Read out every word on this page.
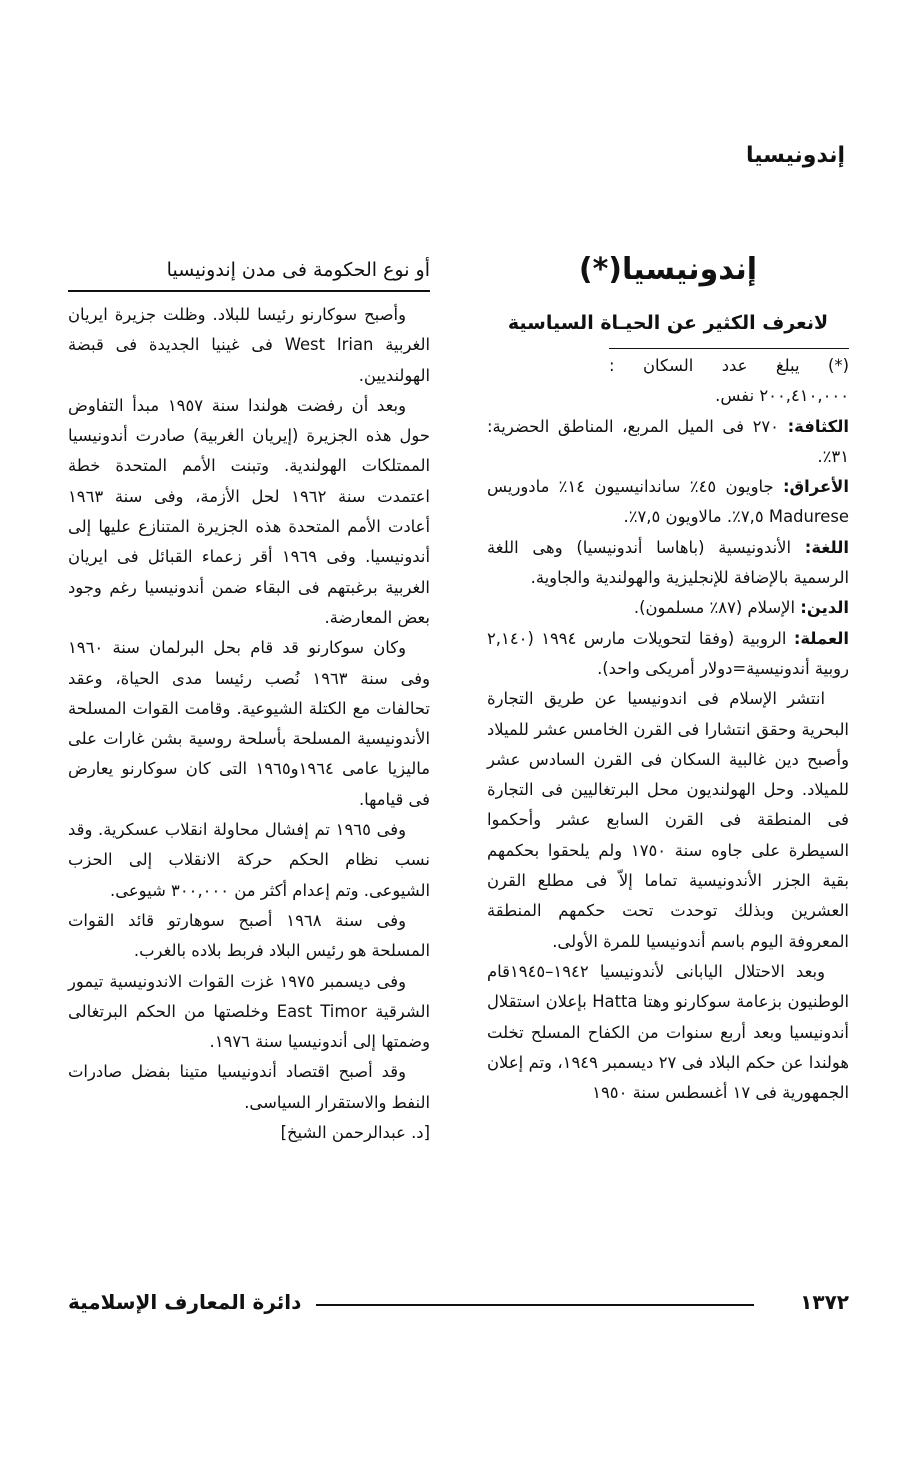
إندونيسيا
إندونيسيا(*)
لانعرف الكثير عن الحيـاة السياسية
(*) يبلغ عدد السكان : ٢٠٠,٤١٠,٠٠٠ نفس.

الكثافة: ٢٧٠ فى الميل المربع، المناطق الحضرية: ٣١٪.

الأعراق: جاويون ٤٥٪ ساندانيسيون ١٤٪ مادوريس Madurese ٧,٥٪. مالاويون ٧,٥٪.

اللغة: الأندونيسية (باهاسا أندونيسيا) وهى اللغة الرسمية بالإضافة للإنجليزية والهولندية والجاوية.

الدين: الإسلام (٨٧٪ مسلمون).

العملة: الروبية (وفقا لتحويلات مارس ١٩٩٤ (٢,١٤٠ روبية أندونيسية=دولار أمريكى واحد).

انتشر الإسلام فى اندونيسيا عن طريق التجارة البحرية وحقق انتشارا فى القرن الخامس عشر للميلاد وأصبح دين غالبية السكان فى القرن السادس عشر للميلاد. وحل الهولنديون محل البرتغاليين فى التجارة فى المنطقة فى القرن السابع عشر وأحكموا السيطرة على جاوه سنة ١٧٥٠ ولم يلحقوا بحكمهم بقية الجزر الأندونيسية تماما إلاّ فى مطلع القرن العشرين وبذلك توحدت تحت حكمهم المنطقة المعروفة اليوم باسم أندونيسيا للمرة الأولى.

وبعد الاحتلال اليابانى لأندونيسيا ١٩٤٢–١٩٤٥قام الوطنيون بزعامة سوكارنو وهتا Hatta بإعلان استقلال أندونيسيا وبعد أربع سنوات من الكفاح المسلح تخلت هولندا عن حكم البلاد فى ٢٧ ديسمبر ١٩٤٩، وتم إعلان الجمهورية فى ١٧ أغسطس سنة ١٩٥٠

أو نوع الحكومة فى مدن إندونيسيا

وأصبح سوكارنو رئيسا للبلاد. وظلت جزيرة ايريان الغربية West Irian فى غينيا الجديدة فى قبضة الهولنديين.

وبعد أن رفضت هولندا سنة ١٩٥٧ مبدأ التفاوض حول هذه الجزيرة (إيريان الغربية) صادرت أندونيسيا الممتلكات الهولندية. وتبنت الأمم المتحدة خطة اعتمدت سنة ١٩٦٢ لحل الأزمة، وفى سنة ١٩٦٣ أعادت الأمم المتحدة هذه الجزيرة المتنازع عليها إلى أندونيسيا. وفى ١٩٦٩ أقر زعماء القبائل فى ايريان الغربية برغبتهم فى البقاء ضمن أندونيسيا رغم وجود بعض المعارضة.

وكان سوكارنو قد قام بحل البرلمان سنة ١٩٦٠ وفى سنة ١٩٦٣ نُصب رئيسا مدى الحياة، وعقد تحالفات مع الكتلة الشيوعية. وقامت القوات المسلحة الأندونيسية المسلحة بأسلحة روسية بشن غارات على ماليزيا عامى ١٩٦٤و١٩٦٥ التى كان سوكارنو يعارض فى قيامها.

وفى ١٩٦٥ تم إفشال محاولة انقلاب عسكرية. وقد نسب نظام الحكم حركة الانقلاب إلى الحزب الشيوعى. وتم إعدام أكثر من ٣٠٠,٠٠٠ شيوعى.

وفى سنة ١٩٦٨ أصبح سوهارتو قائد القوات المسلحة هو رئيس البلاد فربط بلاده بالغرب.

وفى ديسمبر ١٩٧٥ غزت القوات الاندونيسية تيمور الشرقية East Timor وخلصتها من الحكم البرتغالى وضمتها إلى أندونيسيا سنة ١٩٧٦.

وقد أصبح اقتصاد أندونيسيا متينا بفضل صادرات النفط والاستقرار السياسى.

[د. عبدالرحمن الشيخ]

١٣٧٢
دائرة المعارف الإسلامية
